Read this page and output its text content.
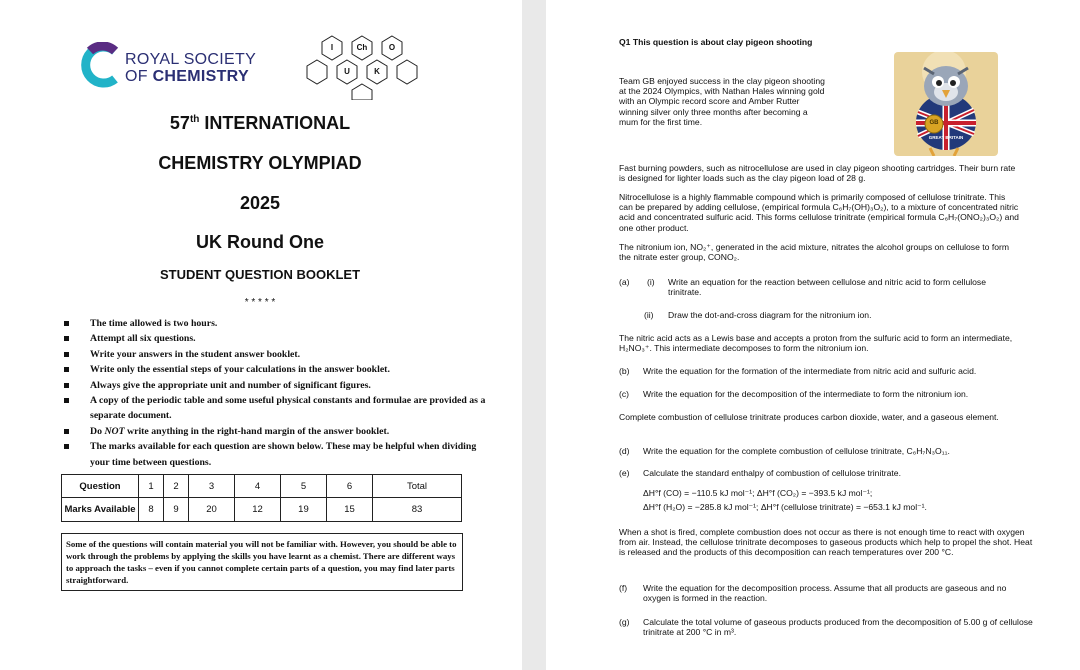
ROYAL SOCIETY
OF CHEMISTRY
I	Ch	O
U	K
57th INTERNATIONAL
CHEMISTRY OLYMPIAD
2025
UK Round One
STUDENT QUESTION BOOKLET
* * * * *
The time allowed is two hours.
Attempt all six questions.
Write your answers in the student answer booklet.
Write only the essential steps of your calculations in the answer booklet.
Always give the appropriate unit and number of significant figures.
A copy of the periodic table and some useful physical constants and formulae are provided as a separate document.
Do NOT write anything in the right-hand margin of the answer booklet.
The marks available for each question are shown below. These may be helpful when dividing your time between questions.
Question	1	2	3	4	5	6	Total
Marks Available	8	9	20	12	19	15	83
Some of the questions will contain material you will not be familiar with. However, you should be able to work through the problems by applying the skills you have learnt as a chemist. There are different ways to approach the tasks – even if you cannot complete certain parts of a question, you may find later parts straightforward.
Q1 This question is about clay pigeon shooting
Team GB enjoyed success in the clay pigeon shooting at the 2024 Olympics, with Nathan Hales winning gold with an Olympic record score and Amber Rutter winning silver only three months after becoming a mum for the first time.	GB
GREAT BRITAIN
Fast burning powders, such as nitrocellulose are used in clay pigeon shooting cartridges. Their burn rate is designed for lighter loads such as the clay pigeon load of 28 g.
Nitrocellulose is a highly flammable compound which is primarily composed of cellulose trinitrate. This can be prepared by adding cellulose, (empirical formula C₆H₇(OH)₃O₂), to a mixture of concentrated nitric acid and concentrated sulfuric acid. This forms cellulose trinitrate (empirical formula C₆H₇(ONO₂)₃O₂) and one other product.
The nitronium ion, NO₂⁺, generated in the acid mixture, nitrates the alcohol groups on cellulose to form the nitrate ester group, CONO₂.
(a) (i) Write an equation for the reaction between cellulose and nitric acid to form cellulose trinitrate.
(ii) Draw the dot-and-cross diagram for the nitronium ion.
The nitric acid acts as a Lewis base and accepts a proton from the sulfuric acid to form an intermediate, H₂NO₃⁺. This intermediate decomposes to form the nitronium ion.
(b) Write the equation for the formation of the intermediate from nitric acid and sulfuric acid.
(c) Write the equation for the decomposition of the intermediate to form the nitronium ion.
Complete combustion of cellulose trinitrate produces carbon dioxide, water, and a gaseous element.
(d) Write the equation for the complete combustion of cellulose trinitrate, C₆H₇N₃O₁₁.
(e) Calculate the standard enthalpy of combustion of cellulose trinitrate.
ΔH°f (CO) = −110.5 kJ mol⁻¹; ΔH°f (CO₂) = −393.5 kJ mol⁻¹;
ΔH°f (H₂O) = −285.8 kJ mol⁻¹; ΔH°f (cellulose trinitrate) = −653.1 kJ mol⁻¹.
When a shot is fired, complete combustion does not occur as there is not enough time to react with oxygen from air. Instead, the cellulose trinitrate decomposes to gaseous products which help to propel the shot. Heat is released and the products of this decomposition can reach temperatures over 200 °C.
(f) Write the equation for the decomposition process. Assume that all products are gaseous and no oxygen is formed in the reaction.
(g) Calculate the total volume of gaseous products produced from the decomposition of 5.00 g of cellulose trinitrate at 200 °C in m³.
